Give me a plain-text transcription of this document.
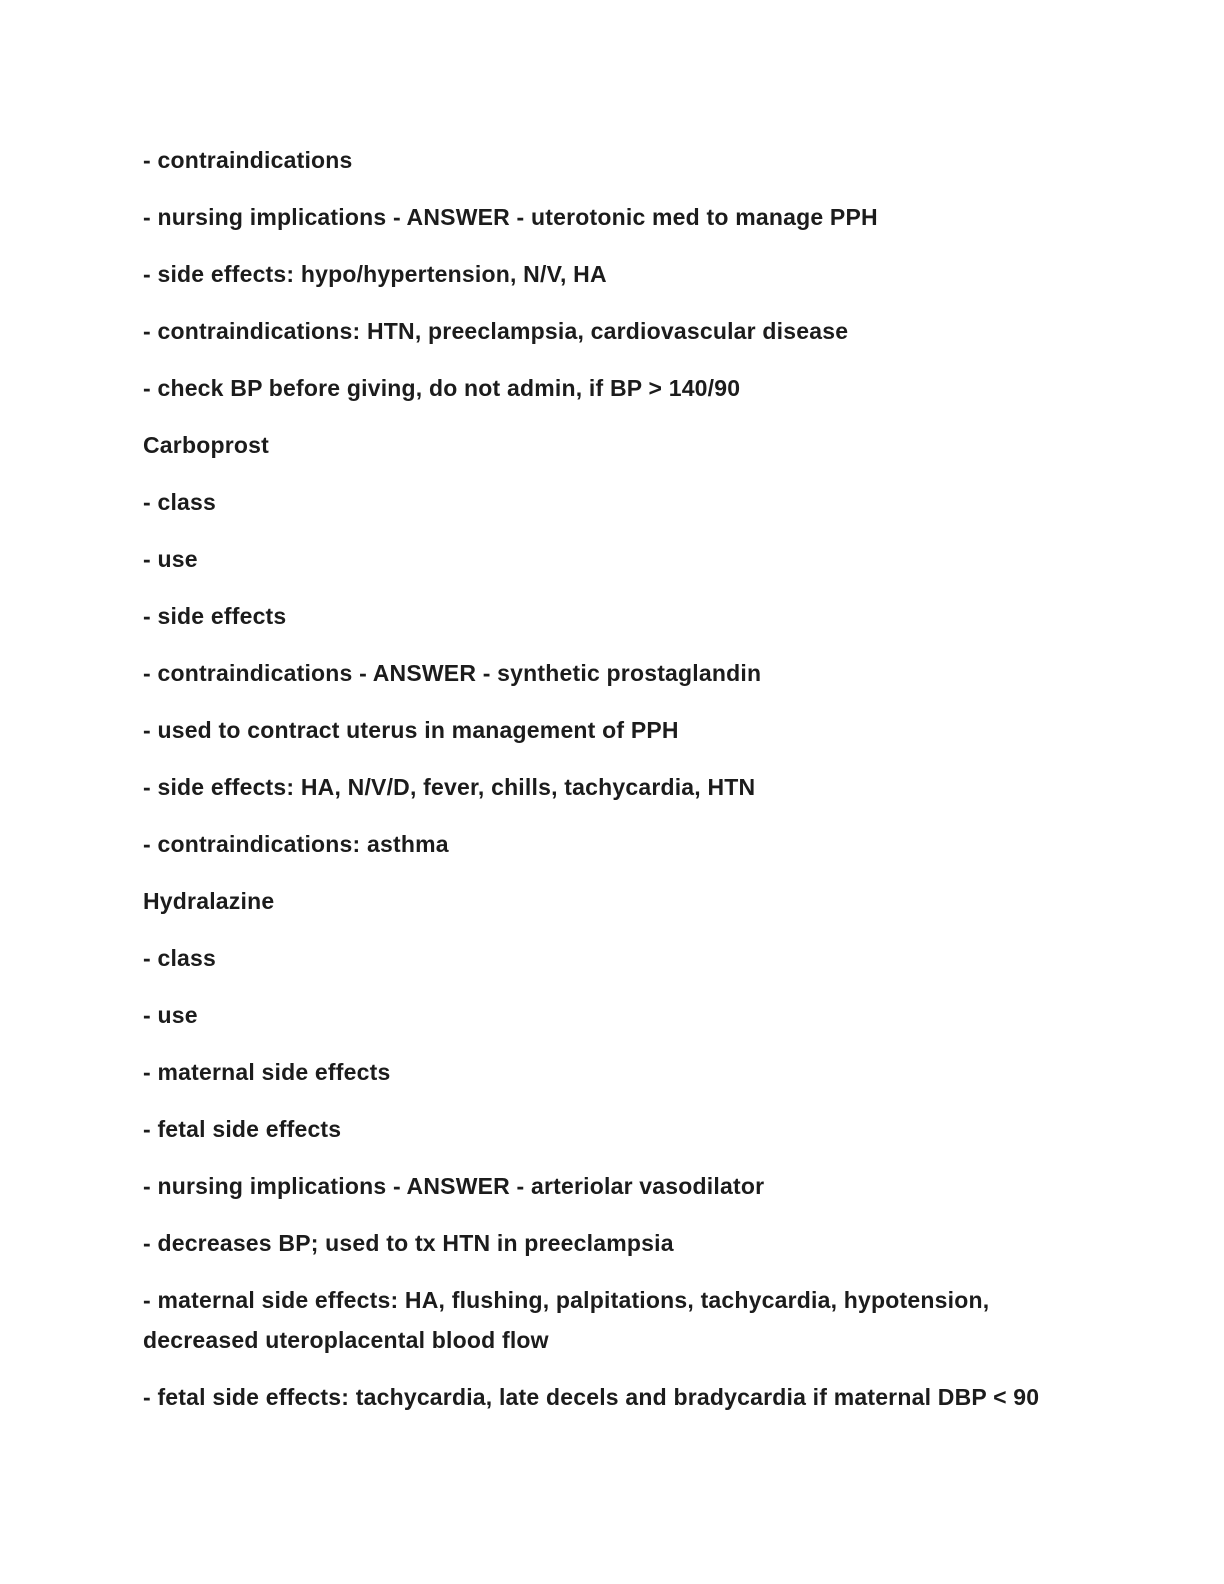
- contraindications

- nursing implications - ANSWER - uterotonic med to manage PPH

- side effects: hypo/hypertension, N/V, HA

- contraindications: HTN, preeclampsia, cardiovascular disease

- check BP before giving, do not admin, if BP > 140/90

Carboprost

- class

- use

- side effects

- contraindications - ANSWER - synthetic prostaglandin

- used to contract uterus in management of PPH

- side effects: HA, N/V/D, fever, chills, tachycardia, HTN

- contraindications: asthma

Hydralazine

- class

- use

- maternal side effects

- fetal side effects

- nursing implications - ANSWER - arteriolar vasodilator

- decreases BP; used to tx HTN in preeclampsia

- maternal side effects: HA, flushing, palpitations, tachycardia, hypotension, decreased uteroplacental blood flow

- fetal side effects: tachycardia, late decels and bradycardia if maternal DBP < 90
